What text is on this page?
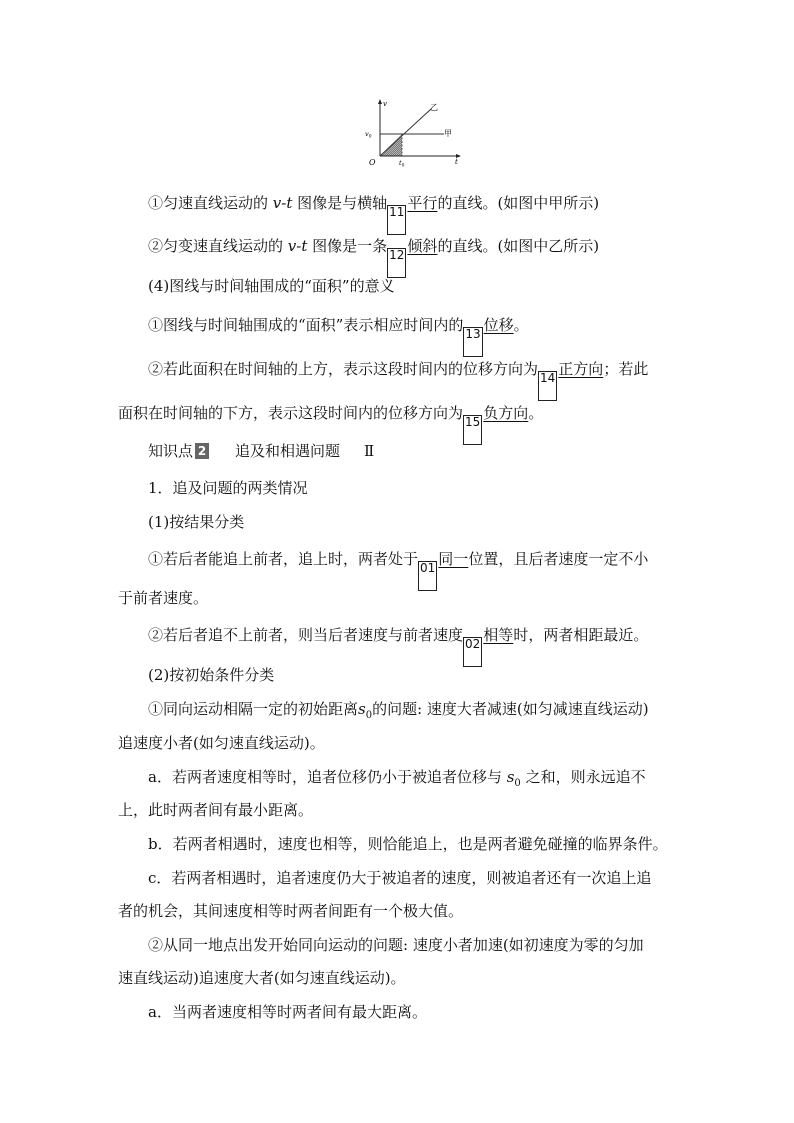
v
t
O
$v_0$
$t_0$
甲
乙
①匀速直线运动的 v-t 图像是与横轴 11 平行的直线。(如图中甲所示)
②匀变速直线运动的 v-t 图像是一条 12 倾斜的直线。(如图中乙所示)
(4)图线与时间轴围成的“面积”的意义
①图线与时间轴围成的“面积”表示相应时间内的 13 位移。
②若此面积在时间轴的上方，表示这段时间内的位移方向为 14 正方向；若此
面积在时间轴的下方，表示这段时间内的位移方向为 15 负方向。
知识点 2 追及和相遇问题 Ⅱ
1．追及问题的两类情况
(1)按结果分类
①若后者能追上前者，追上时，两者处于 01 同一位置，且后者速度一定不小
于前者速度。
②若后者追不上前者，则当后者速度与前者速度 02 相等时，两者相距最近。
(2)按初始条件分类
①同向运动相隔一定的初始距离$s_0$的问题: 速度大者减速(如匀减速直线运动)
追速度小者(如匀速直线运动)。
a．若两者速度相等时，追者位移仍小于被追者位移与 $s_0$ 之和，则永远追不
上，此时两者间有最小距离。
b．若两者相遇时，速度也相等，则恰能追上，也是两者避免碰撞的临界条件。
c．若两者相遇时，追者速度仍大于被追者的速度，则被追者还有一次追上追
者的机会，其间速度相等时两者间距有一个极大值。
②从同一地点出发开始同向运动的问题: 速度小者加速(如初速度为零的匀加
速直线运动)追速度大者(如匀速直线运动)。
a．当两者速度相等时两者间有最大距离。
